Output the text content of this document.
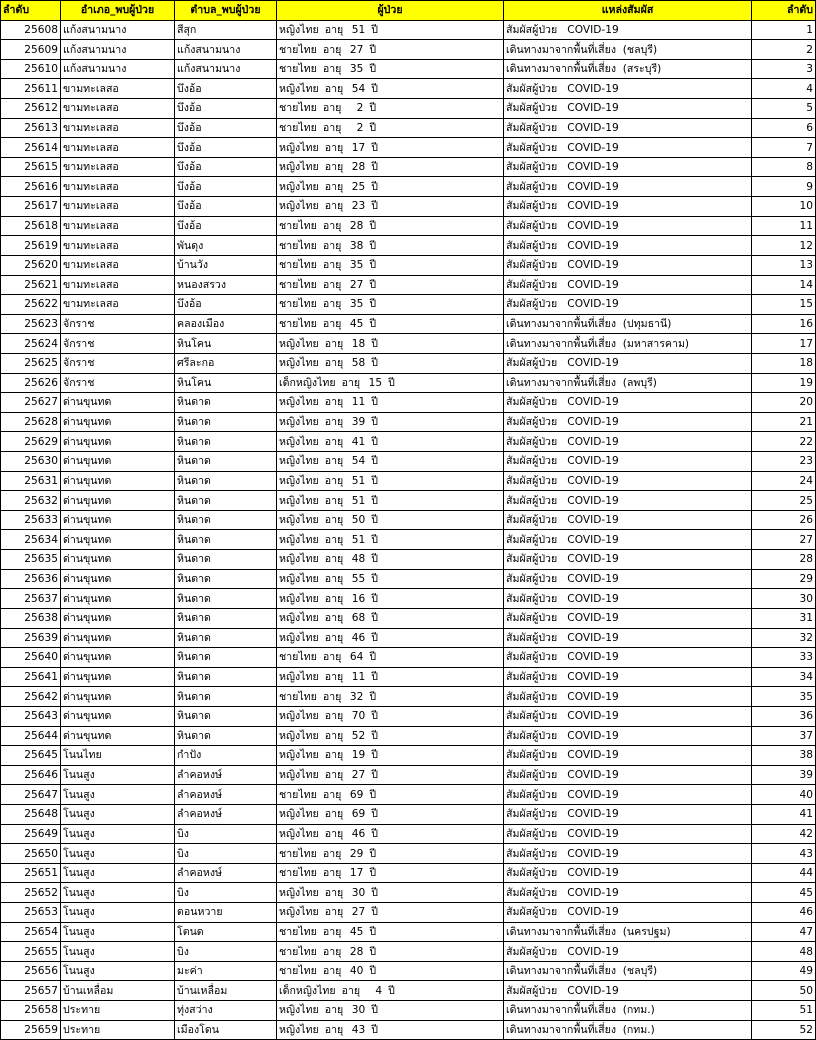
ลำดับ	อำเภอ_พบผู้ป่วย	ตำบล_พบผู้ป่วย	ผู้ป่วย	แหล่งสัมผัส	ลำดับ
25608	แก้งสนามนาง	สีสุก	หญิงไทย อายุ 51 ปี	สัมผัสผู้ป่วย   COVID-19	1
25609	แก้งสนามนาง	แก้งสนามนาง	ชายไทย อายุ 27 ปี	เดินทางมาจากพื้นที่เสี่ยง  (ชลบุรี)	2
25610	แก้งสนามนาง	แก้งสนามนาง	ชายไทย อายุ 35 ปี	เดินทางมาจากพื้นที่เสี่ยง  (สระบุรี)	3
25611	ขามทะเลสอ	บึงอ้อ	หญิงไทย อายุ 54 ปี	สัมผัสผู้ป่วย   COVID-19	4
25612	ขามทะเลสอ	บึงอ้อ	ชายไทย อายุ 2 ปี	สัมผัสผู้ป่วย   COVID-19	5
25613	ขามทะเลสอ	บึงอ้อ	ชายไทย อายุ 2 ปี	สัมผัสผู้ป่วย   COVID-19	6
25614	ขามทะเลสอ	บึงอ้อ	หญิงไทย อายุ 17 ปี	สัมผัสผู้ป่วย   COVID-19	7
25615	ขามทะเลสอ	บึงอ้อ	หญิงไทย อายุ 28 ปี	สัมผัสผู้ป่วย   COVID-19	8
25616	ขามทะเลสอ	บึงอ้อ	หญิงไทย อายุ 25 ปี	สัมผัสผู้ป่วย   COVID-19	9
25617	ขามทะเลสอ	บึงอ้อ	หญิงไทย อายุ 23 ปี	สัมผัสผู้ป่วย   COVID-19	10
25618	ขามทะเลสอ	บึงอ้อ	ชายไทย อายุ 28 ปี	สัมผัสผู้ป่วย   COVID-19	11
25619	ขามทะเลสอ	พันดุง	ชายไทย อายุ 38 ปี	สัมผัสผู้ป่วย   COVID-19	12
25620	ขามทะเลสอ	บ้านวัง	ชายไทย อายุ 35 ปี	สัมผัสผู้ป่วย   COVID-19	13
25621	ขามทะเลสอ	หนองสรวง	ชายไทย อายุ 27 ปี	สัมผัสผู้ป่วย   COVID-19	14
25622	ขามทะเลสอ	บึงอ้อ	ชายไทย อายุ 35 ปี	สัมผัสผู้ป่วย   COVID-19	15
25623	จักราช	คลองเมือง	ชายไทย อายุ 45 ปี	เดินทางมาจากพื้นที่เสี่ยง  (ปทุมธานี)	16
25624	จักราช	หินโคน	หญิงไทย อายุ 18 ปี	เดินทางมาจากพื้นที่เสี่ยง  (มหาสารคาม)	17
25625	จักราช	ศรีละกอ	หญิงไทย อายุ 58 ปี	สัมผัสผู้ป่วย   COVID-19	18
25626	จักราช	หินโคน	เด็กหญิงไทย อายุ 15 ปี	เดินทางมาจากพื้นที่เสี่ยง  (ลพบุรี)	19
25627	ด่านขุนทด	หินดาด	หญิงไทย อายุ 11 ปี	สัมผัสผู้ป่วย   COVID-19	20
25628	ด่านขุนทด	หินดาด	หญิงไทย อายุ 39 ปี	สัมผัสผู้ป่วย   COVID-19	21
25629	ด่านขุนทด	หินดาด	หญิงไทย อายุ 41 ปี	สัมผัสผู้ป่วย   COVID-19	22
25630	ด่านขุนทด	หินดาด	หญิงไทย อายุ 54 ปี	สัมผัสผู้ป่วย   COVID-19	23
25631	ด่านขุนทด	หินดาด	หญิงไทย อายุ 51 ปี	สัมผัสผู้ป่วย   COVID-19	24
25632	ด่านขุนทด	หินดาด	หญิงไทย อายุ 51 ปี	สัมผัสผู้ป่วย   COVID-19	25
25633	ด่านขุนทด	หินดาด	หญิงไทย อายุ 50 ปี	สัมผัสผู้ป่วย   COVID-19	26
25634	ด่านขุนทด	หินดาด	หญิงไทย อายุ 51 ปี	สัมผัสผู้ป่วย   COVID-19	27
25635	ด่านขุนทด	หินดาด	หญิงไทย อายุ 48 ปี	สัมผัสผู้ป่วย   COVID-19	28
25636	ด่านขุนทด	หินดาด	หญิงไทย อายุ 55 ปี	สัมผัสผู้ป่วย   COVID-19	29
25637	ด่านขุนทด	หินดาด	หญิงไทย อายุ 16 ปี	สัมผัสผู้ป่วย   COVID-19	30
25638	ด่านขุนทด	หินดาด	หญิงไทย อายุ 68 ปี	สัมผัสผู้ป่วย   COVID-19	31
25639	ด่านขุนทด	หินดาด	หญิงไทย อายุ 46 ปี	สัมผัสผู้ป่วย   COVID-19	32
25640	ด่านขุนทด	หินดาด	ชายไทย อายุ 64 ปี	สัมผัสผู้ป่วย   COVID-19	33
25641	ด่านขุนทด	หินดาด	หญิงไทย อายุ 11 ปี	สัมผัสผู้ป่วย   COVID-19	34
25642	ด่านขุนทด	หินดาด	ชายไทย อายุ 32 ปี	สัมผัสผู้ป่วย   COVID-19	35
25643	ด่านขุนทด	หินดาด	หญิงไทย อายุ 70 ปี	สัมผัสผู้ป่วย   COVID-19	36
25644	ด่านขุนทด	หินดาด	หญิงไทย อายุ 52 ปี	สัมผัสผู้ป่วย   COVID-19	37
25645	โนนไทย	กำปัง	หญิงไทย อายุ 19 ปี	สัมผัสผู้ป่วย   COVID-19	38
25646	โนนสูง	ลำคอหงษ์	หญิงไทย อายุ 27 ปี	สัมผัสผู้ป่วย   COVID-19	39
25647	โนนสูง	ลำคอหงษ์	ชายไทย อายุ 69 ปี	สัมผัสผู้ป่วย   COVID-19	40
25648	โนนสูง	ลำคอหงษ์	หญิงไทย อายุ 69 ปี	สัมผัสผู้ป่วย   COVID-19	41
25649	โนนสูง	บิง	หญิงไทย อายุ 46 ปี	สัมผัสผู้ป่วย   COVID-19	42
25650	โนนสูง	บิง	ชายไทย อายุ 29 ปี	สัมผัสผู้ป่วย   COVID-19	43
25651	โนนสูง	ลำคอหงษ์	ชายไทย อายุ 17 ปี	สัมผัสผู้ป่วย   COVID-19	44
25652	โนนสูง	บิง	หญิงไทย อายุ 30 ปี	สัมผัสผู้ป่วย   COVID-19	45
25653	โนนสูง	ดอนหวาย	หญิงไทย อายุ 27 ปี	สัมผัสผู้ป่วย   COVID-19	46
25654	โนนสูง	โตนด	ชายไทย อายุ 45 ปี	เดินทางมาจากพื้นที่เสี่ยง  (นครปฐม)	47
25655	โนนสูง	บิง	ชายไทย อายุ 28 ปี	สัมผัสผู้ป่วย   COVID-19	48
25656	โนนสูง	มะค่า	ชายไทย อายุ 40 ปี	เดินทางมาจากพื้นที่เสี่ยง  (ชลบุรี)	49
25657	บ้านเหลื่อม	บ้านเหลื่อม	เด็กหญิงไทย อายุ 4 ปี	สัมผัสผู้ป่วย   COVID-19	50
25658	ประทาย	ทุ่งสว่าง	หญิงไทย อายุ 30 ปี	เดินทางมาจากพื้นที่เสี่ยง  (กทม.)	51
25659	ประทาย	เมืองโดน	หญิงไทย อายุ 43 ปี	เดินทางมาจากพื้นที่เสี่ยง  (กทม.)	52
